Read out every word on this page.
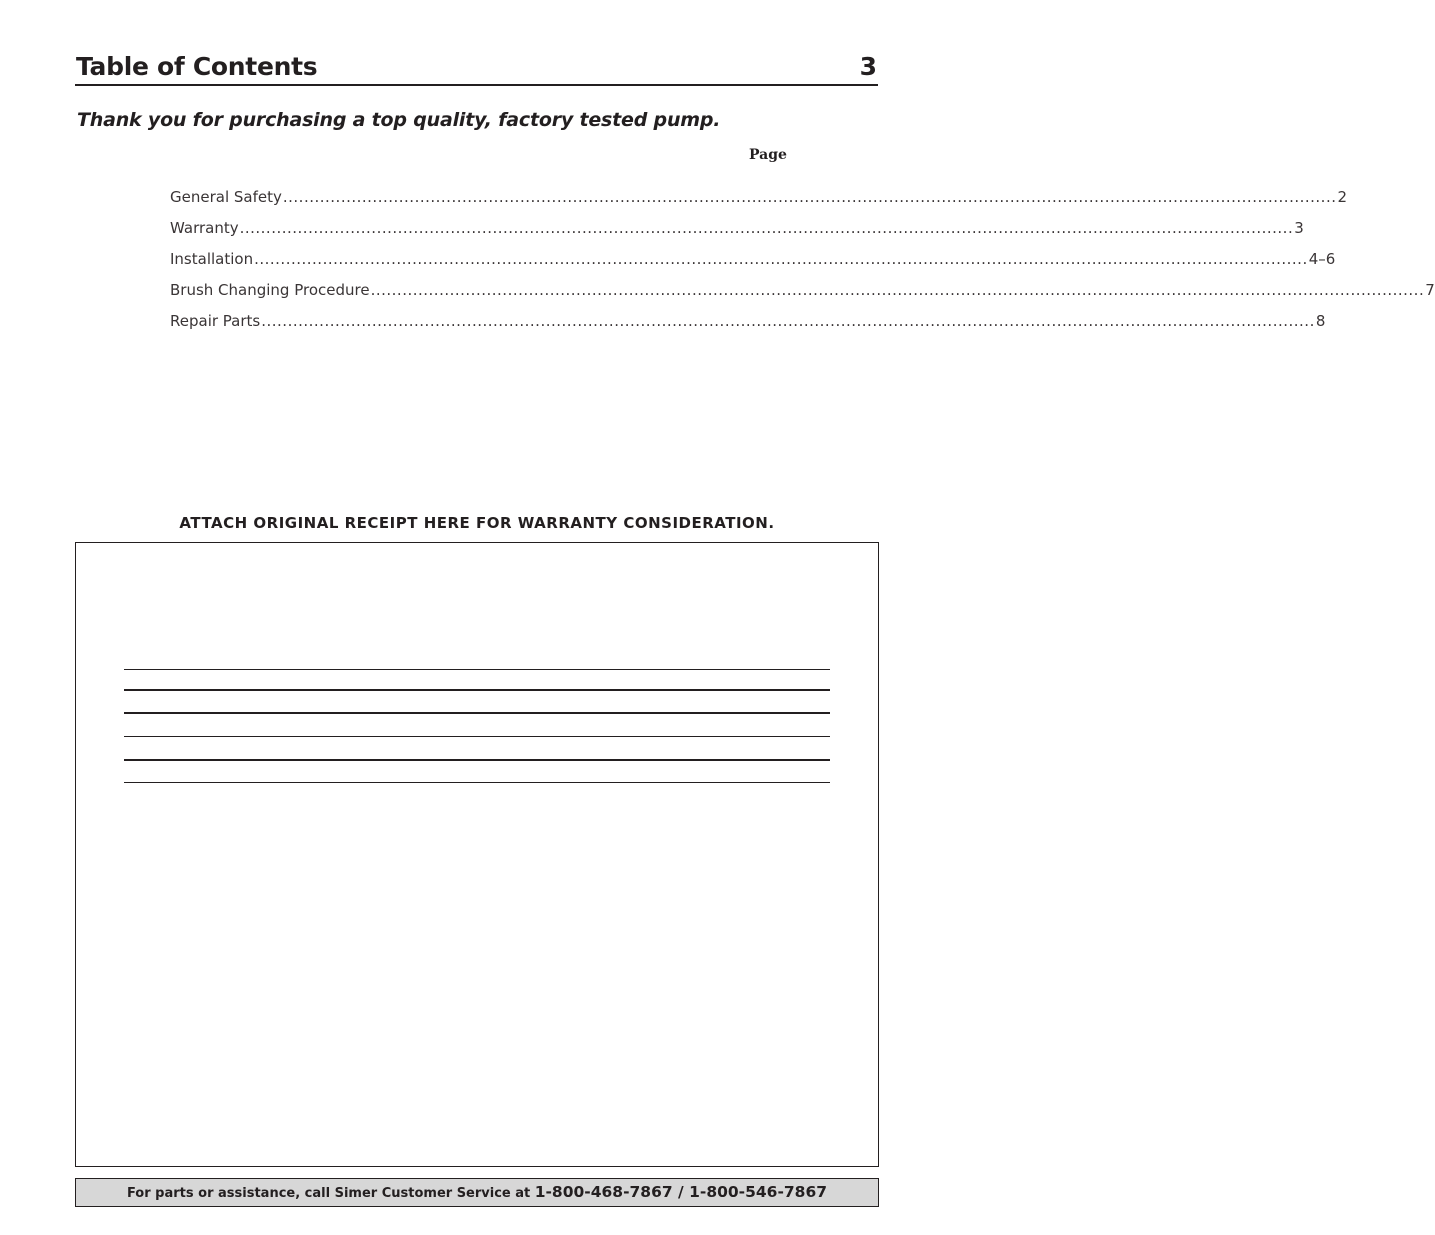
Table of Contents	3
Thank you for purchasing a top quality, factory tested pump.
Page
General Safety ........................................................................................................................................................................................................ 2
Warranty ........................................................................................................................................................................................................ 3
Installation ........................................................................................................................................................................................................ 4–6
Brush Changing Procedure ........................................................................................................................................................................................................ 7
Repair Parts ........................................................................................................................................................................................................ 8
ATTACH ORIGINAL RECEIPT HERE FOR WARRANTY CONSIDERATION.
For parts or assistance, call Simer Customer Service at 1-800-468-7867 / 1-800-546-7867
